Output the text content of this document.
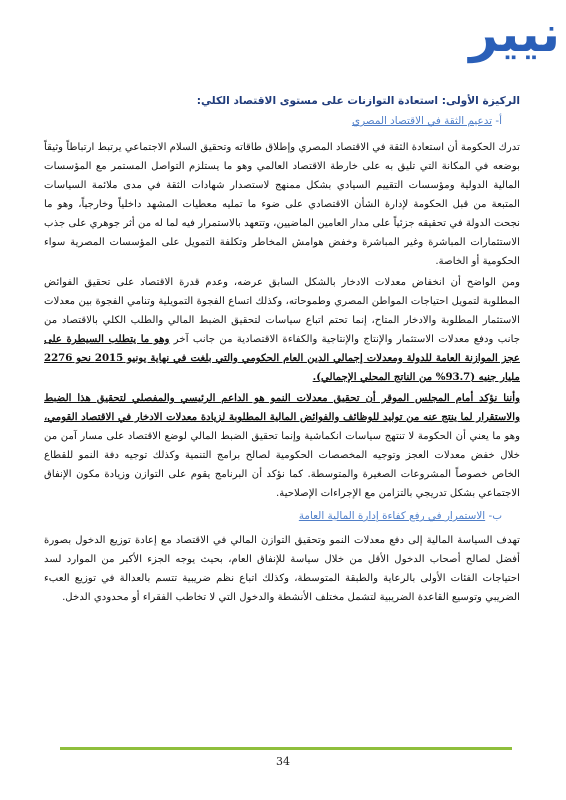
نيير
الركيزة الأولى: استعادة التوازنات على مستوى الاقتصاد الكلي:
أ- تدعيم الثقة في الاقتصاد المصري

تدرك الحكومة أن استعادة الثقة في الاقتصاد المصري وإطلاق طاقاته وتحقيق السلام الاجتماعي يرتبط ارتباطاً وثيقاً بوضعه في المكانة التي تليق به على خارطة الاقتصاد العالمي وهو ما يستلزم التواصل المستمر مع المؤسسات المالية الدولية ومؤسسات التقييم السيادي بشكل ممنهج لاستصدار شهادات الثقة في مدى ملائمة السياسات المتبعة من قبل الحكومة لإدارة الشأن الاقتصادي على ضوء ما تمليه معطيات المشهد داخلياً وخارجياً، وهو ما نجحت الدولة في تحقيقه جزئياً على مدار العامين الماضيين، وتتعهد بالاستمرار فيه لما له من أثر جوهري على جذب الاستثمارات المباشرة وغير المباشرة وخفض هوامش المخاطر وتكلفة التمويل على المؤسسات المصرية سواء الحكومية أو الخاصة.

ومن الواضح أن انخفاض معدلات الادخار بالشكل السابق عرضه، وعدم قدرة الاقتصاد على تحقيق الفوائض المطلوبة لتمويل احتياجات المواطن المصري وطموحاته، وكذلك اتساع الفجوة التمويلية وتنامي الفجوة بين معدلات الاستثمار المطلوبة والادخار المتاح، إنما تحتم اتباع سياسات لتحقيق الضبط المالي والطلب الكلي بالاقتصاد من جانب ودفع معدلات الاستثمار والإنتاج والإنتاجية والكفاءة الاقتصادية من جانب آخر وهو ما يتطلب السيطرة على عجز الموازنة العامة للدولة ومعدلات إجمالي الدين العام الحكومي والتي بلغت في نهاية يونيو 2015 نحو 2276 مليار جنيه (93.7% من الناتج المحلي الإجمالي).

وأننا نؤكد أمام المجلس الموقر أن تحقيق معدلات النمو هو الداعم الرئيسي والمفصلي لتحقيق هذا الضبط والاستقرار لما ينتج عنه من توليد للوظائف والفوائض المالية المطلوبة لزيادة معدلات الادخار في الاقتصاد القومي، وهو ما يعني أن الحكومة لا تنتهج سياسات انكماشية وإنما تحقيق الضبط المالي لوضع الاقتصاد على مسار آمن من خلال خفض معدلات العجز وتوجيه المخصصات الحكومية لصالح برامج التنمية وكذلك توجيه دفة النمو للقطاع الخاص خصوصاً المشروعات الصغيرة والمتوسطة. كما نؤكد أن البرنامج يقوم على التوازن وزيادة مكون الإنفاق الاجتماعي بشكل تدريجي بالتزامن مع الإجراءات الإصلاحية.

ب- الاستمرار في رفع كفاءة إدارة المالية العامة

تهدف السياسة المالية إلى دفع معدلات النمو وتحقيق التوازن المالي في الاقتصاد مع إعادة توزيع الدخول بصورة أفضل لصالح أصحاب الدخول الأقل من خلال سياسة للإنفاق العام، بحيث يوجه الجزء الأكبر من الموارد لسد احتياجات الفئات الأولى بالرعاية والطبقة المتوسطة، وكذلك اتباع نظم ضريبية تتسم بالعدالة في توزيع العبء الضريبي وتوسيع القاعدة الضريبية لتشمل مختلف الأنشطة والدخول التي لا تخاطب الفقراء أو محدودي الدخل.

34
